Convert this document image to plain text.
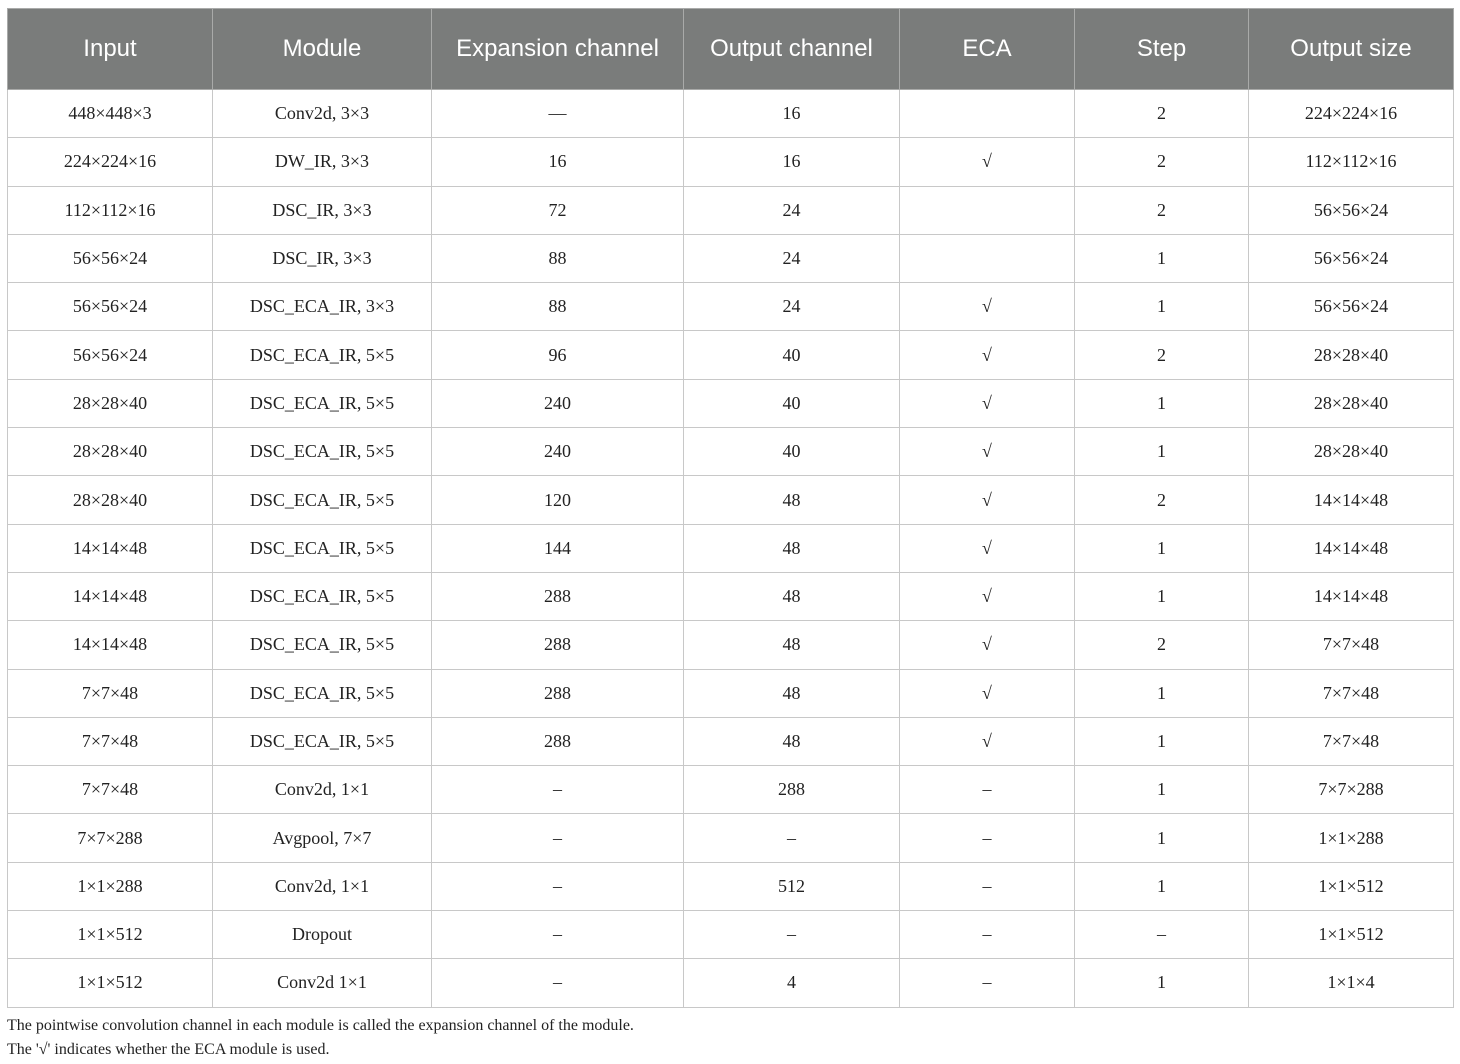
Input	Module	Expansion channel	Output channel	ECA	Step	Output size
448×448×3	Conv2d, 3×3	—	16		2	224×224×16
224×224×16	DW_IR, 3×3	16	16	√	2	112×112×16
112×112×16	DSC_IR, 3×3	72	24		2	56×56×24
56×56×24	DSC_IR, 3×3	88	24		1	56×56×24
56×56×24	DSC_ECA_IR, 3×3	88	24	√	1	56×56×24
56×56×24	DSC_ECA_IR, 5×5	96	40	√	2	28×28×40
28×28×40	DSC_ECA_IR, 5×5	240	40	√	1	28×28×40
28×28×40	DSC_ECA_IR, 5×5	240	40	√	1	28×28×40
28×28×40	DSC_ECA_IR, 5×5	120	48	√	2	14×14×48
14×14×48	DSC_ECA_IR, 5×5	144	48	√	1	14×14×48
14×14×48	DSC_ECA_IR, 5×5	288	48	√	1	14×14×48
14×14×48	DSC_ECA_IR, 5×5	288	48	√	2	7×7×48
7×7×48	DSC_ECA_IR, 5×5	288	48	√	1	7×7×48
7×7×48	DSC_ECA_IR, 5×5	288	48	√	1	7×7×48
7×7×48	Conv2d, 1×1	–	288	–	1	7×7×288
7×7×288	Avgpool, 7×7	–	–	–	1	1×1×288
1×1×288	Conv2d, 1×1	–	512	–	1	1×1×512
1×1×512	Dropout	–	–	–	–	1×1×512
1×1×512	Conv2d 1×1	–	4	–	1	1×1×4

The pointwise convolution channel in each module is called the expansion channel of the module.

The '√' indicates whether the ECA module is used.
